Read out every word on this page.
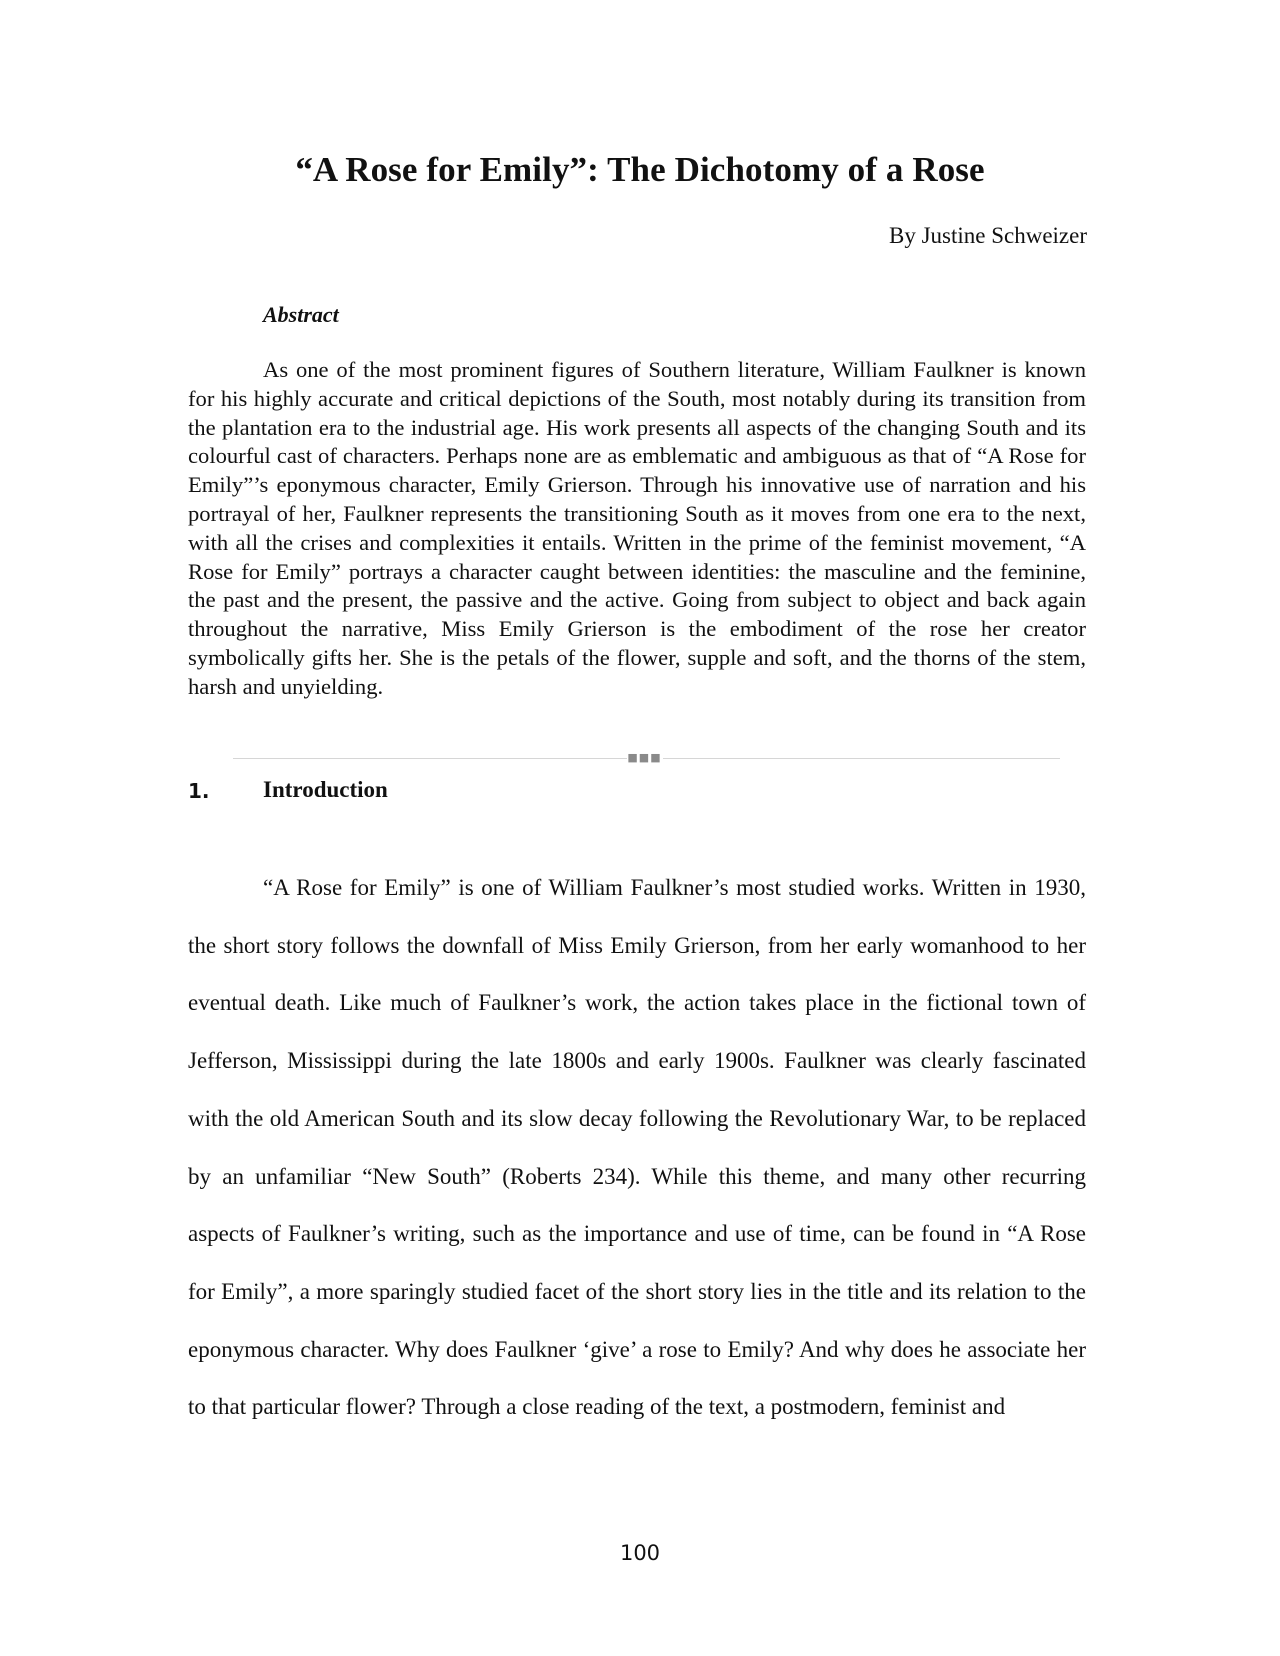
“A Rose for Emily”: The Dichotomy of a Rose
By Justine Schweizer
Abstract

As one of the most prominent figures of Southern literature, William Faulkner is known for his highly accurate and critical depictions of the South, most notably during its transition from the plantation era to the industrial age. His work presents all aspects of the changing South and its colourful cast of characters. Perhaps none are as emblematic and ambiguous as that of “A Rose for Emily”’s eponymous character, Emily Grierson. Through his innovative use of narration and his portrayal of her, Faulkner represents the transitioning South as it moves from one era to the next, with all the crises and complexities it entails. Written in the prime of the feminist movement, “A Rose for Emily” portrays a character caught between identities: the masculine and the feminine, the past and the present, the passive and the active. Going from subject to object and back again throughout the narrative, Miss Emily Grierson is the embodiment of the rose her creator symbolically gifts her. She is the petals of the flower, supple and soft, and the thorns of the stem, harsh and unyielding.

■■■
1. Introduction

“A Rose for Emily” is one of William Faulkner’s most studied works. Written in 1930, the short story follows the downfall of Miss Emily Grierson, from her early womanhood to her eventual death. Like much of Faulkner’s work, the action takes place in the fictional town of Jefferson, Mississippi during the late 1800s and early 1900s. Faulkner was clearly fascinated with the old American South and its slow decay following the Revolutionary War, to be replaced by an unfamiliar “New South” (Roberts 234). While this theme, and many other recurring aspects of Faulkner’s writing, such as the importance and use of time, can be found in “A Rose for Emily”, a more sparingly studied facet of the short story lies in the title and its relation to the eponymous character. Why does Faulkner ‘give’ a rose to Emily? And why does he associate her to that particular flower? Through a close reading of the text, a postmodern, feminist and

100
